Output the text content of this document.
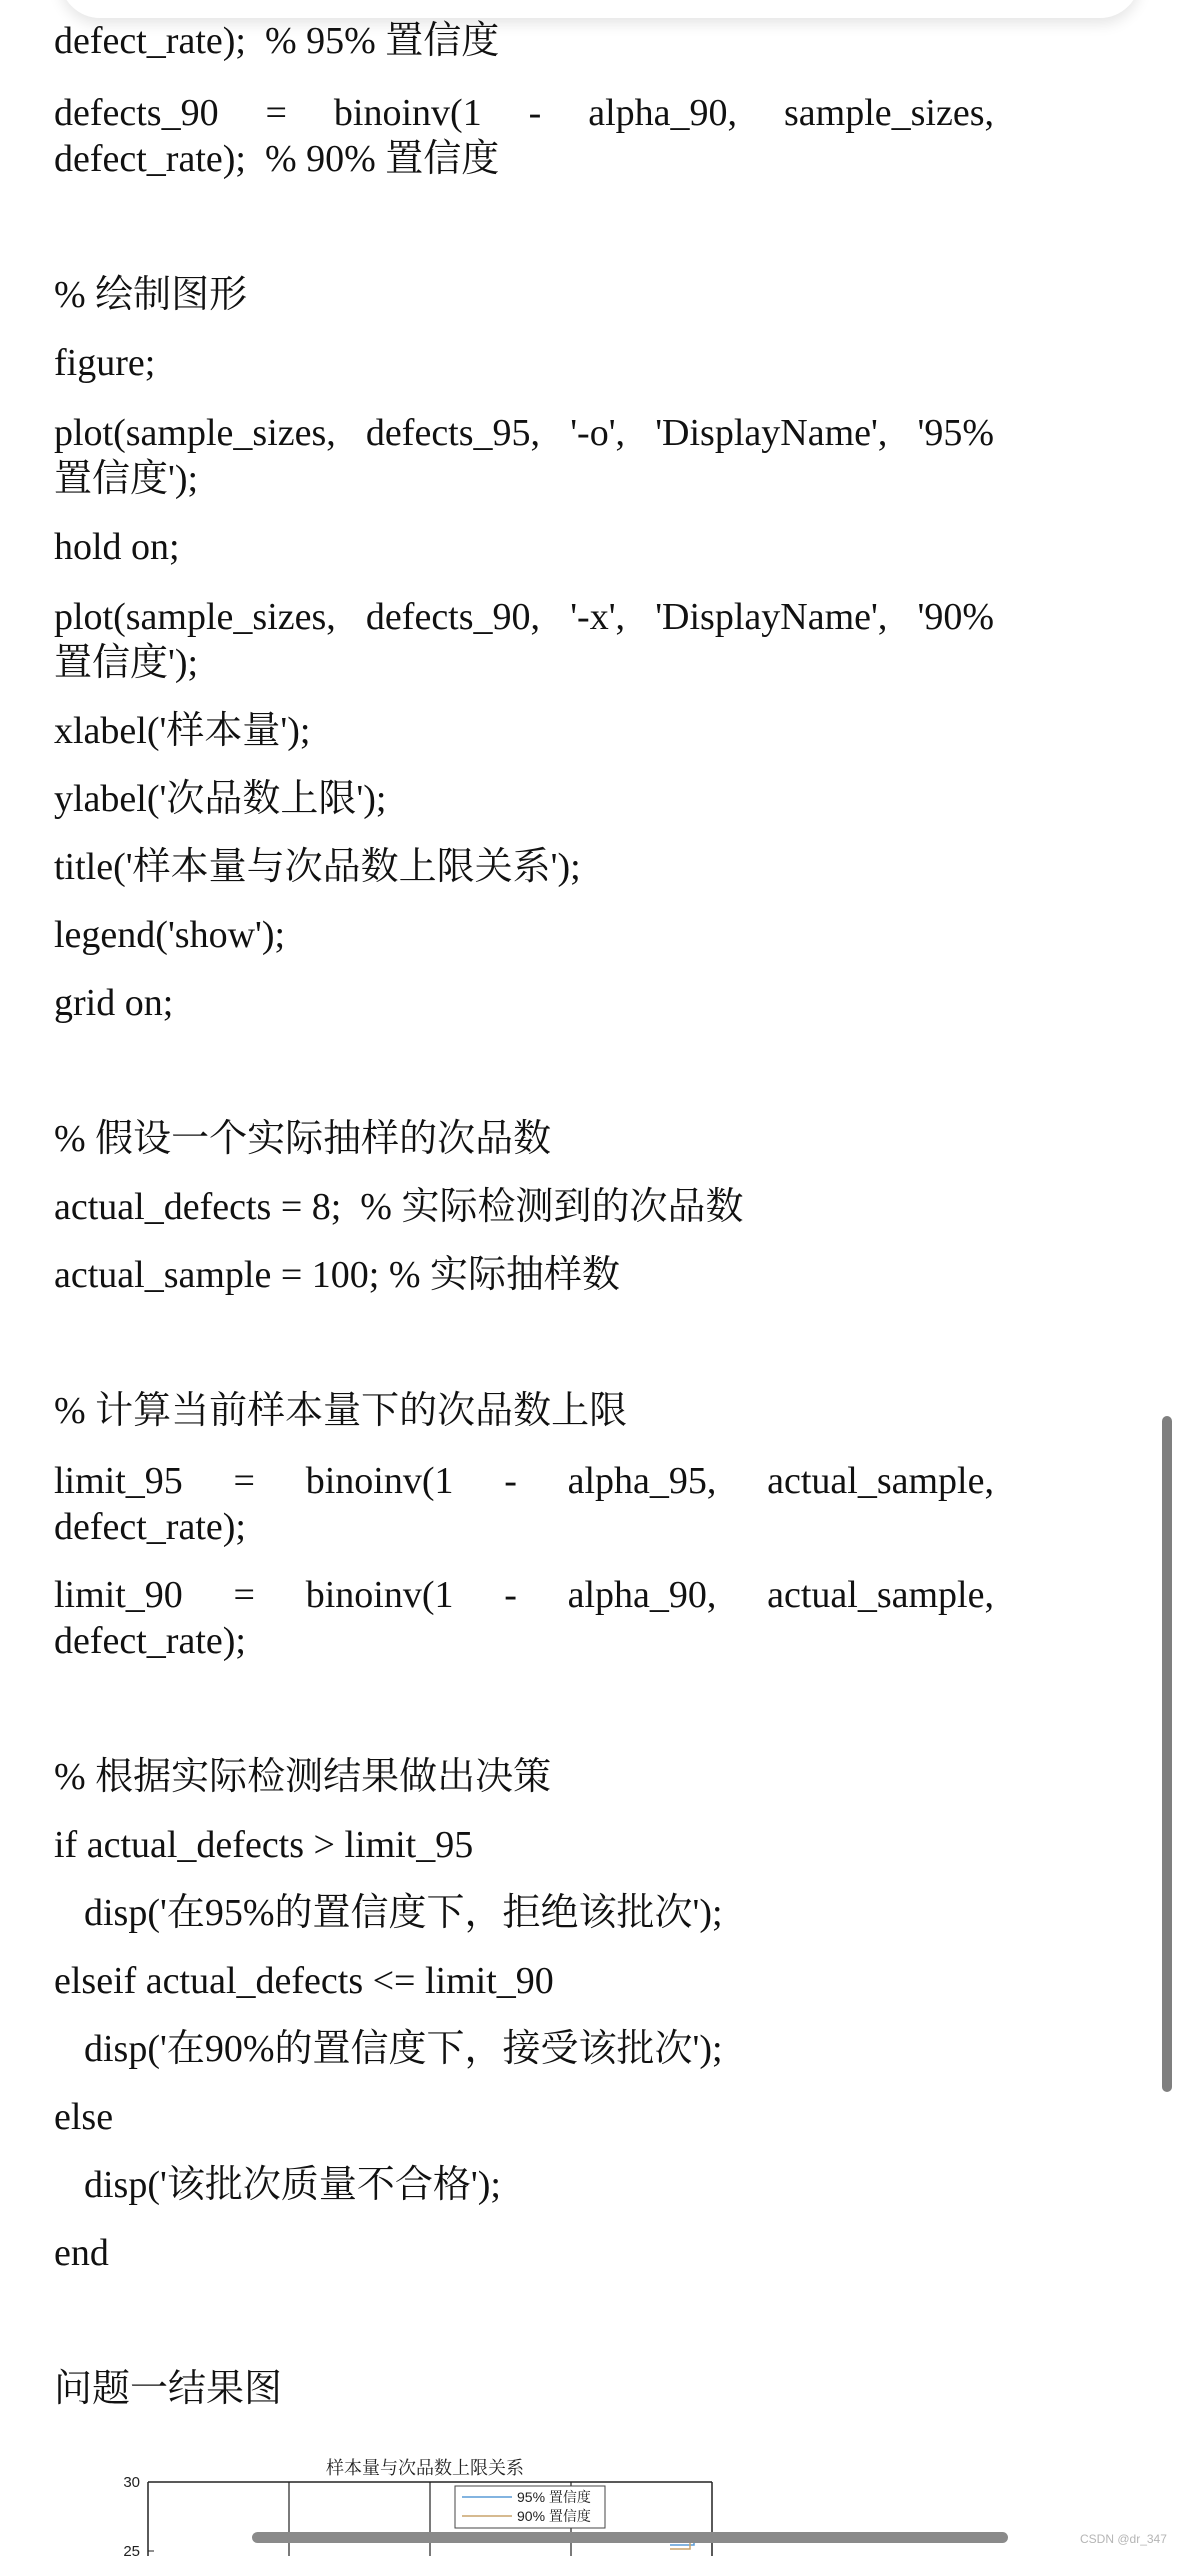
defect_rate);  % 95% 置信度
defects_90 = binoinv(1 - alpha_90, sample_sizes,
defect_rate);  % 90% 置信度
% 绘制图形
figure;
plot(sample_sizes, defects_95, '-o', 'DisplayName', '95%
置信度');
hold on;
plot(sample_sizes, defects_90, '-x', 'DisplayName', '90%
置信度');
xlabel('样本量');
ylabel('次品数上限');
title('样本量与次品数上限关系');
legend('show');
grid on;
% 假设一个实际抽样的次品数
actual_defects = 8;  % 实际检测到的次品数
actual_sample = 100; % 实际抽样数
% 计算当前样本量下的次品数上限
limit_95 = binoinv(1 - alpha_95, actual_sample,
defect_rate);
limit_90 = binoinv(1 - alpha_90, actual_sample,
defect_rate);
% 根据实际检测结果做出决策
if actual_defects > limit_95
disp('在95%的置信度下，拒绝该批次');
elseif actual_defects <= limit_90
disp('在90%的置信度下，接受该批次');
else
disp('该批次质量不合格');
end
问题一结果图
样本量与次品数上限关系
30
25
95% 置信度
90% 置信度
CSDN @dr_347
